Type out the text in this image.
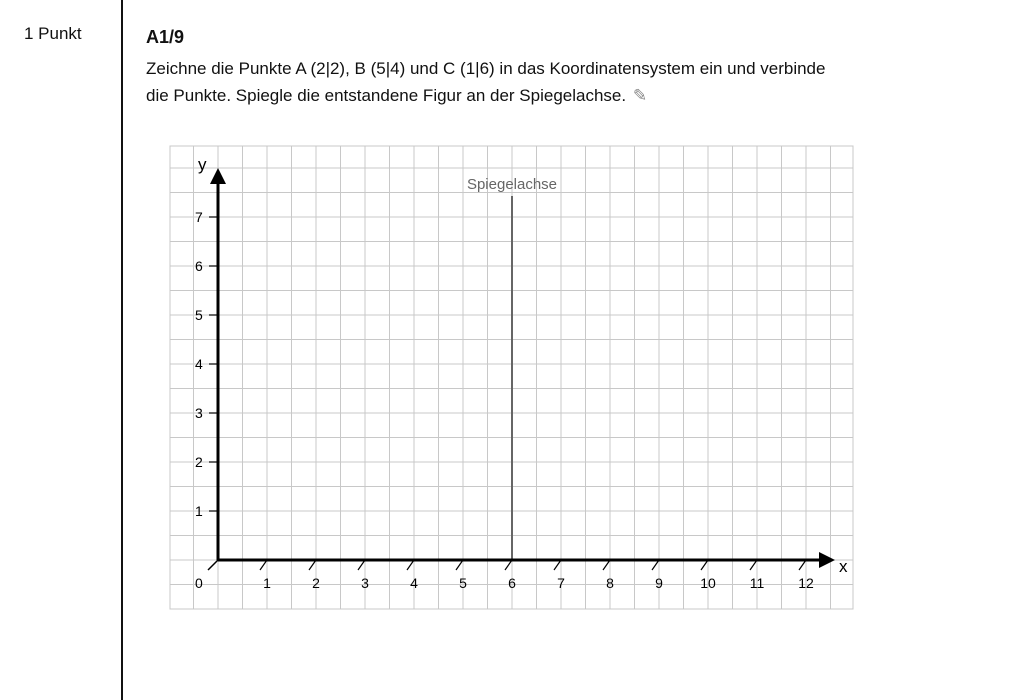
1 Punkt	A1/9
Zeichne die Punkte A (2|2), B (5|4) und C (1|6) in das Koordinatensystem ein und verbinde
die Punkte. Spiegle die entstandene Figur an der Spiegelachse. ✎
Spiegelachse
x
y
0	1	2	3	4	5	6	7	8	9	10 11 12
1
2
3
4
5
6
7
